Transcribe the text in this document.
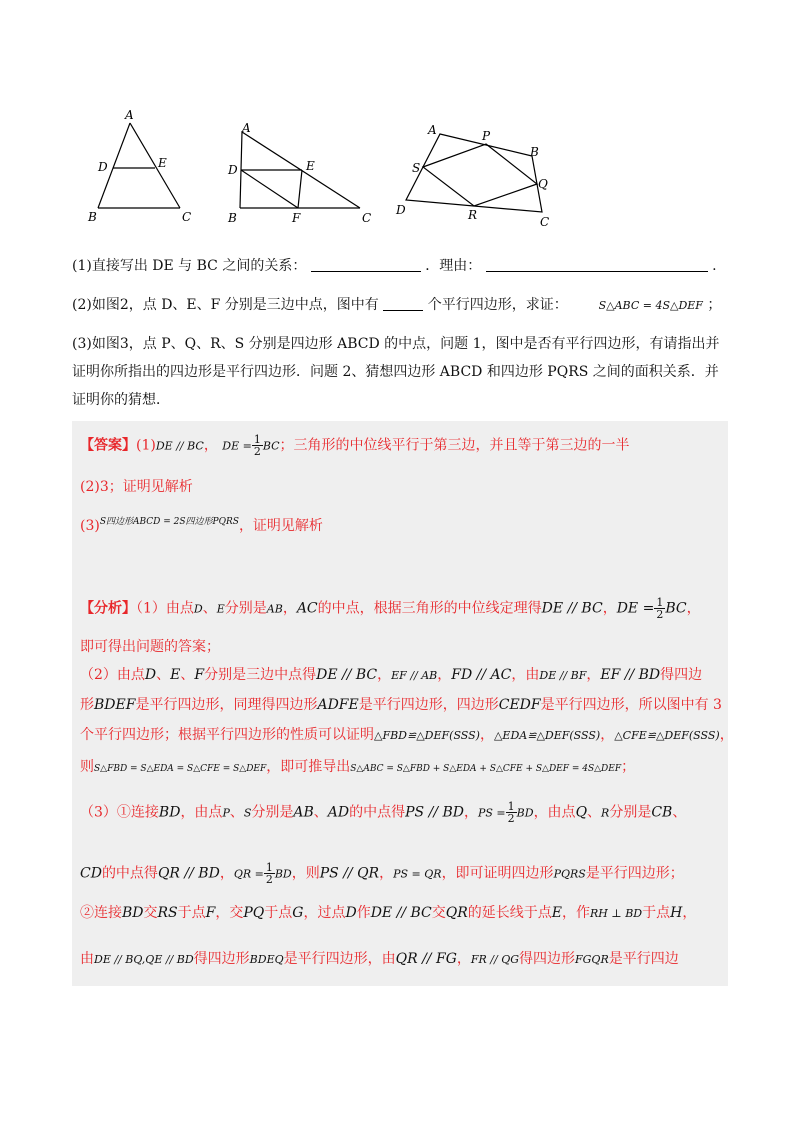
A
D	E
B	C
A
D	E
B	F	C
A	P
B
S
Q
D	R	C
(1)直接写出 DE 与 BC 之间的关系：	．理由：	.
(2)如图2，点 D、E、F 分别是三边中点，图中有	个平行四边形，求证：	S△ABC = 4S△DEF ；
(3)如图3，点 P、Q、R、S 分别是四边形 ABCD 的中点，问题 1，图中是否有平行四边形，有请指出并证明你所指出的四边形是平行四边形．问题 2、猜想四边形 ABCD 和四边形 PQRS 之间的面积关系．并证明你的猜想．
【答案】(1)DE // BC， DE = $\frac{1}{2}$ BC；三角形的中位线平行于第三边，并且等于第三边的一半
(2)3；证明见解析
$(3)^{S四边形ABCD = 2S四边形PQRS}$，证明见解析
【分析】（1）由点D、E分别是AB，AC的中点，根据三角形的中位线定理得DE // BC，DE = $\frac{1}{2}$ BC，
即可得出问题的答案；
（2）由点D、E、F分别是三边中点得DE // BC，EF // AB，FD // AC，由DE // BF，EF // BD得四边
形BDEF是平行四边形，同理得四边形ADFE是平行四边形，四边形CEDF是平行四边形，所以图中有 3
个平行四边形；根据平行四边形的性质可以证明△FBD≌△DEF(SSS)，△EDA≌△DEF(SSS)，△CFE≌△DEF(SSS)，
则S△FBD = S△EDA = S△CFE = S△DEF，即可推导出S△ABC = S△FBD + S△EDA + S△CFE + S△DEF = 4S△DEF；
（3）①连接BD，由点P、S分别是AB、AD的中点得PS // BD，PS = $\frac{1}{2}$ BD，由点Q、R分别是CB、
CD的中点得QR // BD，QR = $\frac{1}{2}$ BD，则PS // QR，PS = QR，即可证明四边形PQRS是平行四边形；
②连接BD交RS于点F，交PQ于点G，过点D作DE // BC交QR的延长线于点E，作RH ⊥ BD于点H，
由DE // BQ,QE // BD得四边形BDEQ是平行四边形，由QR // FG，FR // QG得四边形FGQR是平行四边
